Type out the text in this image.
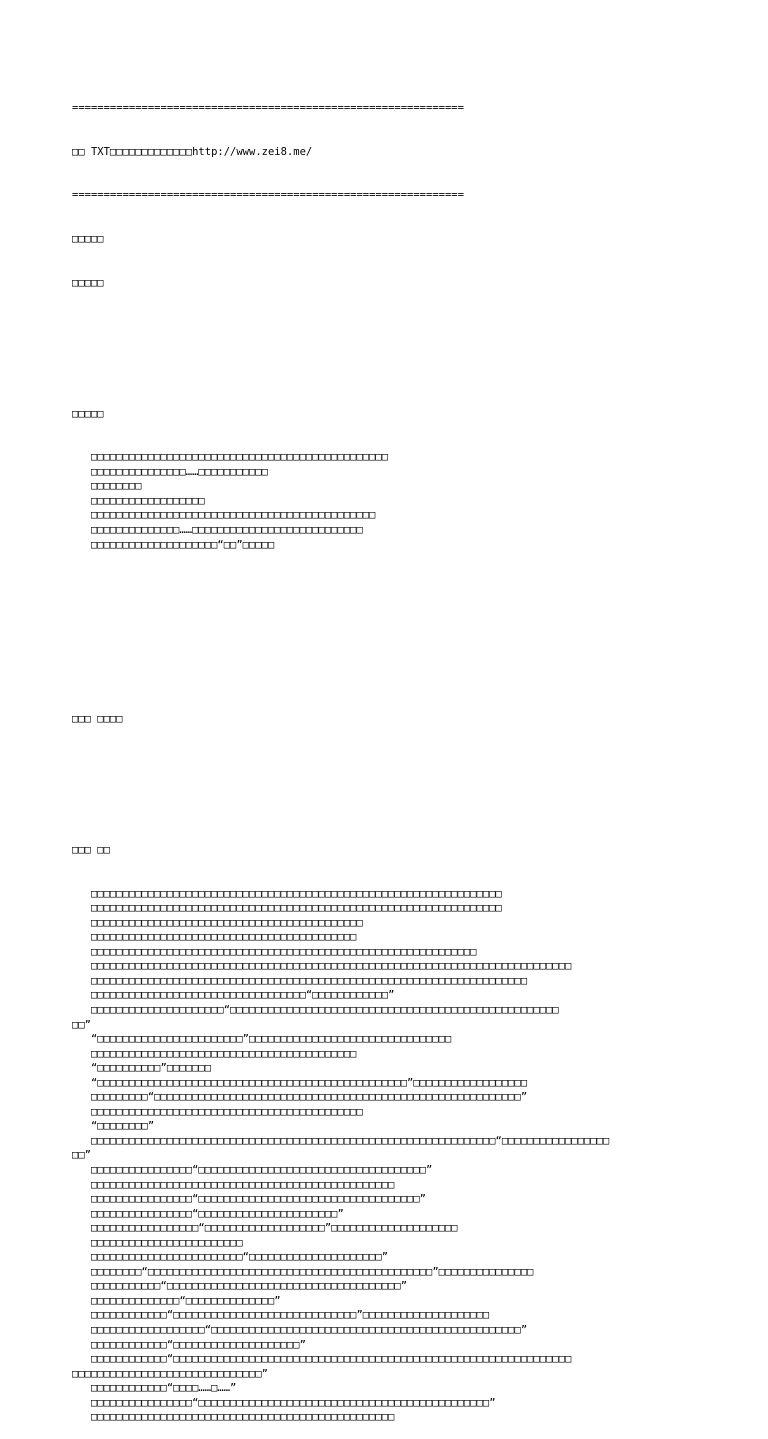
==============================================================

□□ TXT□□□□□□□□□□□□□http://www.zei8.me/

==============================================================

□□□□□

□□□□□

□□□□□

□□□□□□□□□□□□□□□□□□□□□□□□□□□□□□□□□□□□□□□□□□□□□□□
□□□□□□□□□□□□□□□……□□□□□□□□□□□
□□□□□□□□
□□□□□□□□□□□□□□□□□□
□□□□□□□□□□□□□□□□□□□□□□□□□□□□□□□□□□□□□□□□□□□□□
□□□□□□□□□□□□□□……□□□□□□□□□□□□□□□□□□□□□□□□□□□
□□□□□□□□□□□□□□□□□□□□“□□”□□□□□

□□□ □□□□

□□□ □□

□□□□□□□□□□□□□□□□□□□□□□□□□□□□□□□□□□□□□□□□□□□□□□□□□□□□□□□□□□□□□□□□□
□□□□□□□□□□□□□□□□□□□□□□□□□□□□□□□□□□□□□□□□□□□□□□□□□□□□□□□□□□□□□□□□□
□□□□□□□□□□□□□□□□□□□□□□□□□□□□□□□□□□□□□□□□□□□
□□□□□□□□□□□□□□□□□□□□□□□□□□□□□□□□□□□□□□□□□□
□□□□□□□□□□□□□□□□□□□□□□□□□□□□□□□□□□□□□□□□□□□□□□□□□□□□□□□□□□□□□
□□□□□□□□□□□□□□□□□□□□□□□□□□□□□□□□□□□□□□□□□□□□□□□□□□□□□□□□□□□□□□□□□□□□□□□□□□□□
□□□□□□□□□□□□□□□□□□□□□□□□□□□□□□□□□□□□□□□□□□□□□□□□□□□□□□□□□□□□□□□□□□□□□
□□□□□□□□□□□□□□□□□□□□□□□□□□□□□□□□□□“□□□□□□□□□□□□”
□□□□□□□□□□□□□□□□□□□□□“□□□□□□□□□□□□□□□□□□□□□□□□□□□□□□□□□□□□□□□□□□□□□□□□□□□□
□□”
“□□□□□□□□□□□□□□□□□□□□□□□”□□□□□□□□□□□□□□□□□□□□□□□□□□□□□□□□
□□□□□□□□□□□□□□□□□□□□□□□□□□□□□□□□□□□□□□□□□□
“□□□□□□□□□□”□□□□□□□
“□□□□□□□□□□□□□□□□□□□□□□□□□□□□□□□□□□□□□□□□□□□□□□□□□”□□□□□□□□□□□□□□□□□□
□□□□□□□□□“□□□□□□□□□□□□□□□□□□□□□□□□□□□□□□□□□□□□□□□□□□□□□□□□□□□□□□□□□□”
□□□□□□□□□□□□□□□□□□□□□□□□□□□□□□□□□□□□□□□□□□□
“□□□□□□□□”
□□□□□□□□□□□□□□□□□□□□□□□□□□□□□□□□□□□□□□□□□□□□□□□□□□□□□□□□□□□□□□□□“□□□□□□□□□□□□□□□□□
□□”
□□□□□□□□□□□□□□□□“□□□□□□□□□□□□□□□□□□□□□□□□□□□□□□□□□□□□”
□□□□□□□□□□□□□□□□□□□□□□□□□□□□□□□□□□□□□□□□□□□□□□□□
□□□□□□□□□□□□□□□□“□□□□□□□□□□□□□□□□□□□□□□□□□□□□□□□□□□□”
□□□□□□□□□□□□□□□□“□□□□□□□□□□□□□□□□□□□□□□”
□□□□□□□□□□□□□□□□□“□□□□□□□□□□□□□□□□□□□”□□□□□□□□□□□□□□□□□□□□
□□□□□□□□□□□□□□□□□□□□□□□□
□□□□□□□□□□□□□□□□□□□□□□□□“□□□□□□□□□□□□□□□□□□□□□”
□□□□□□□□“□□□□□□□□□□□□□□□□□□□□□□□□□□□□□□□□□□□□□□□□□□□□□”□□□□□□□□□□□□□□□
□□□□□□□□□□□“□□□□□□□□□□□□□□□□□□□□□□□□□□□□□□□□□□□□□”
□□□□□□□□□□□□□□“□□□□□□□□□□□□□□”
□□□□□□□□□□□□“□□□□□□□□□□□□□□□□□□□□□□□□□□□□□”□□□□□□□□□□□□□□□□□□□□
□□□□□□□□□□□□□□□□□□“□□□□□□□□□□□□□□□□□□□□□□□□□□□□□□□□□□□□□□□□□□□□□□□□□”
□□□□□□□□□□□□“□□□□□□□□□□□□□□□□□□□□”
□□□□□□□□□□□□“□□□□□□□□□□□□□□□□□□□□□□□□□□□□□□□□□□□□□□□□□□□□□□□□□□□□□□□□□□□□□□□
□□□□□□□□□□□□□□□□□□□□□□□□□□□□□□”
□□□□□□□□□□□□“□□□□……□……”
□□□□□□□□□□□□□□□□“□□□□□□□□□□□□□□□□□□□□□□□□□□□□□□□□□□□□□□□□□□□□□□”
□□□□□□□□□□□□□□□□□□□□□□□□□□□□□□□□□□□□□□□□□□□□□□□□
